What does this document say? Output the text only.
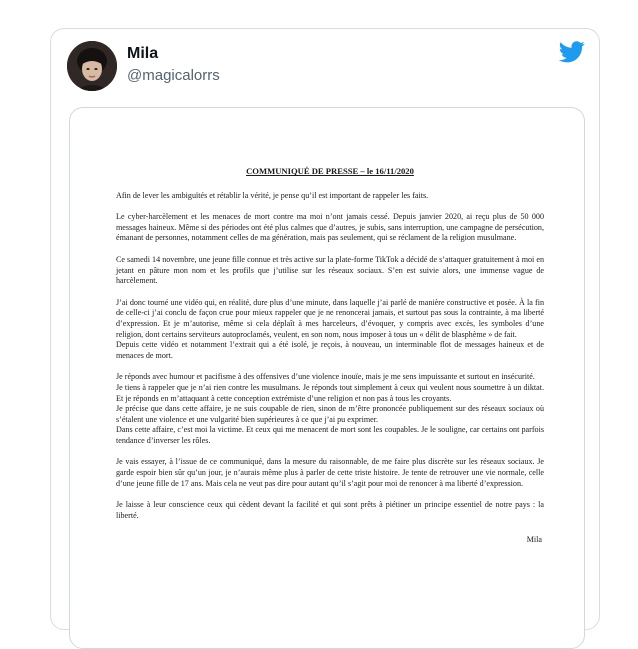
Mila
@magicalorrs
COMMUNIQUÉ DE PRESSE – le 16/11/2020

Afin de lever les ambiguïtés et rétablir la vérité, je pense qu’il est important de rappeler les faits.

Le cyber-harcèlement et les menaces de mort contre ma moi n’ont jamais cessé. Depuis janvier 2020, ai reçu plus de 50 000 messages haineux. Même si des périodes ont été plus calmes que d’autres, je subis, sans interruption, une campagne de persécution, émanant de personnes, notamment celles de ma génération, mais pas seulement, qui se réclament de la religion musulmane.

Ce samedi 14 novembre, une jeune fille connue et très active sur la plate-forme TikTok a décidé de s’attaquer gratuitement à moi en jetant en pâture mon nom et les profils que j’utilise sur les réseaux sociaux. S’en est suivie alors, une immense vague de harcèlement.

J’ai donc tourné une vidéo qui, en réalité, dure plus d’une minute, dans laquelle j’ai parlé de manière constructive et posée. À la fin de celle-ci j’ai conclu de façon crue pour mieux rappeler que je ne renoncerai jamais, et surtout pas sous la contrainte, à ma liberté d’expression. Et je m’autorise, même si cela déplaît à mes harceleurs, d’évoquer, y compris avec excès, les symboles d’une religion, dont certains serviteurs autoproclamés, veulent, en son nom, nous imposer à tous un « délit de blasphème » de fait.
Depuis cette vidéo et notamment l’extrait qui a été isolé, je reçois, à nouveau, un interminable flot de messages haineux et de menaces de mort.

Je réponds avec humour et pacifisme à des offensives d’une violence inouïe, mais je me sens impuissante et surtout en insécurité.
Je tiens à rappeler que je n’ai rien contre les musulmans. Je réponds tout simplement à ceux qui veulent nous soumettre à un diktat. Et je réponds en m’attaquant à cette conception extrémiste d’une religion et non pas à tous les croyants.
Je précise que dans cette affaire, je ne suis coupable de rien, sinon de m’être prononcée publiquement sur des réseaux sociaux où s’étalent une violence et une vulgarité bien supérieures à ce que j’ai pu exprimer.
Dans cette affaire, c’est moi la victime. Et ceux qui me menacent de mort sont les coupables. Je le souligne, car certains ont parfois tendance d’inverser les rôles.

Je vais essayer, à l’issue de ce communiqué, dans la mesure du raisonnable, de me faire plus discrète sur les réseaux sociaux. Je garde espoir bien sûr qu’un jour, je n’aurais même plus à parler de cette triste histoire. Je tente de retrouver une vie normale, celle d’une jeune fille de 17 ans. Mais cela ne veut pas dire pour autant qu’il s’agit pour moi de renoncer à ma liberté d’expression.

Je laisse à leur conscience ceux qui cèdent devant la facilité et qui sont prêts à piétiner un principe essentiel de notre pays : la liberté.

Mila
